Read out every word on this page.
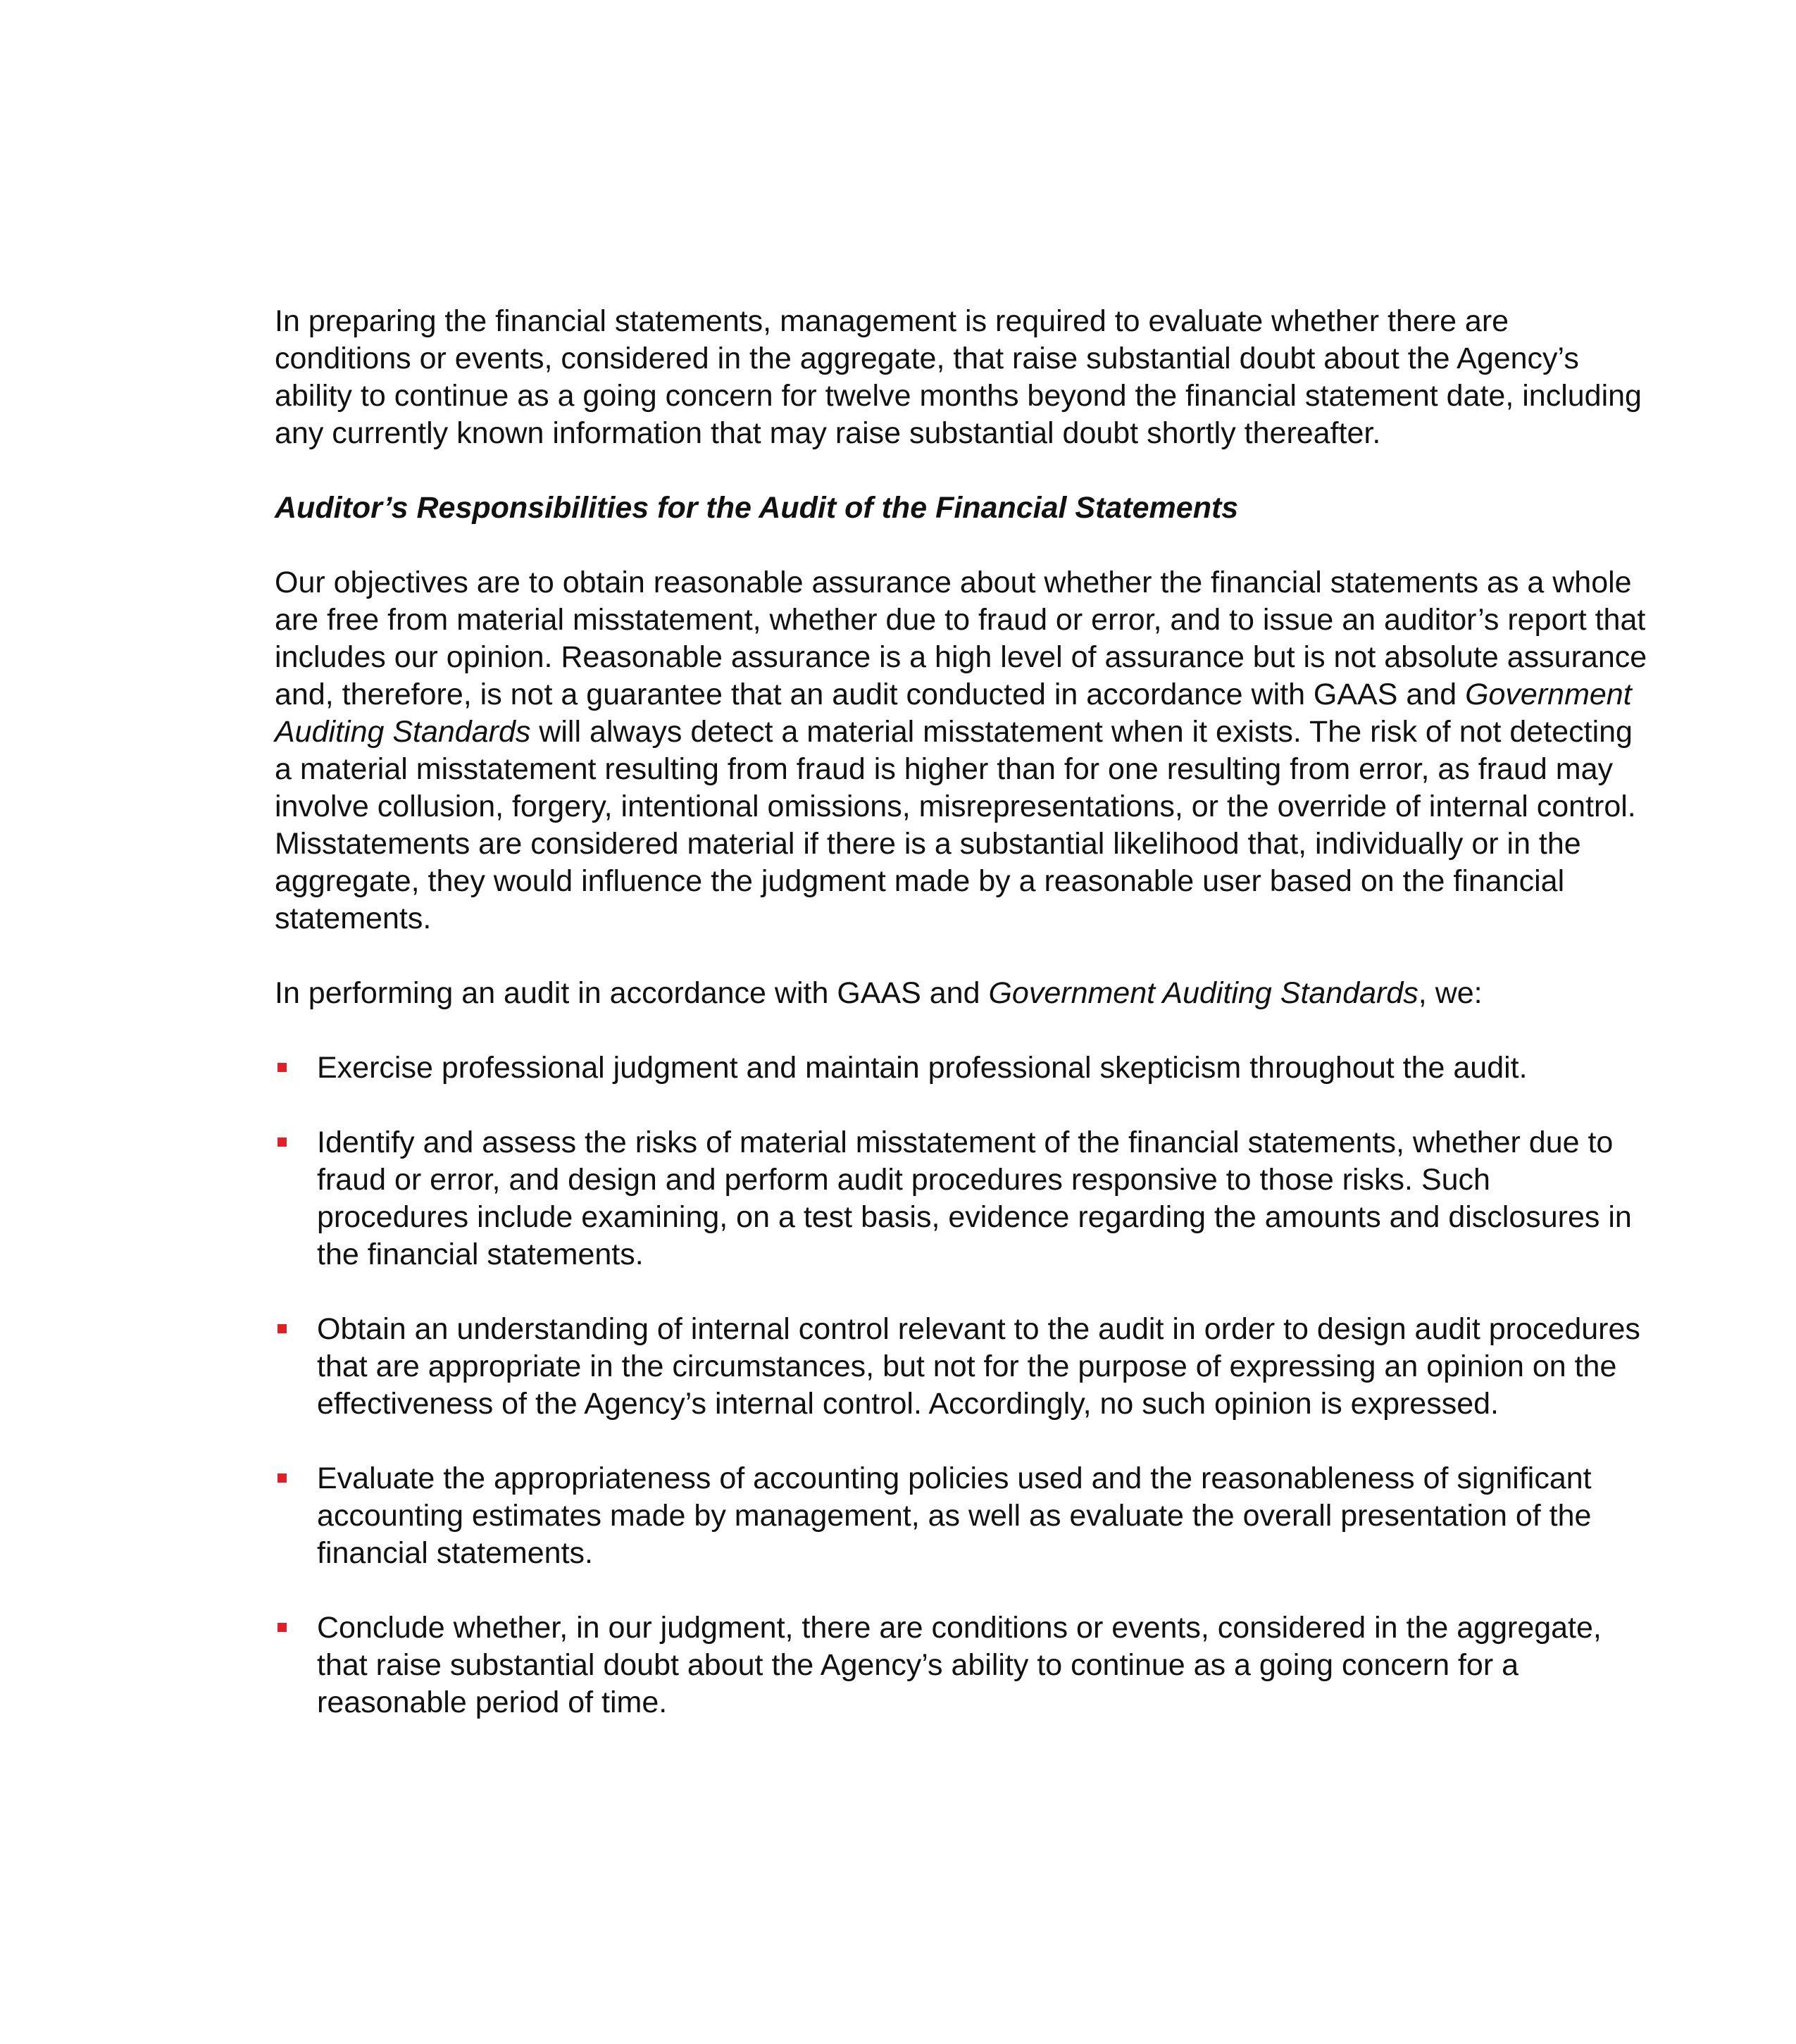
In preparing the financial statements, management is required to evaluate whether there are conditions or events, considered in the aggregate, that raise substantial doubt about the Agency’s ability to continue as a going concern for twelve months beyond the financial statement date, including any currently known information that may raise substantial doubt shortly thereafter.

Auditor’s Responsibilities for the Audit of the Financial Statements

Our objectives are to obtain reasonable assurance about whether the financial statements as a whole are free from material misstatement, whether due to fraud or error, and to issue an auditor’s report that includes our opinion. Reasonable assurance is a high level of assurance but is not absolute assurance and, therefore, is not a guarantee that an audit conducted in accordance with GAAS and Government Auditing Standards will always detect a material misstatement when it exists. The risk of not detecting a material misstatement resulting from fraud is higher than for one resulting from error, as fraud may involve collusion, forgery, intentional omissions, misrepresentations, or the override of internal control. Misstatements are considered material if there is a substantial likelihood that, individually or in the aggregate, they would influence the judgment made by a reasonable user based on the financial statements.

In performing an audit in accordance with GAAS and Government Auditing Standards, we:

Exercise professional judgment and maintain professional skepticism throughout the audit.
Identify and assess the risks of material misstatement of the financial statements, whether due to fraud or error, and design and perform audit procedures responsive to those risks. Such procedures include examining, on a test basis, evidence regarding the amounts and disclosures in the financial statements.
Obtain an understanding of internal control relevant to the audit in order to design audit procedures that are appropriate in the circumstances, but not for the purpose of expressing an opinion on the effectiveness of the Agency’s internal control. Accordingly, no such opinion is expressed.
Evaluate the appropriateness of accounting policies used and the reasonableness of significant accounting estimates made by management, as well as evaluate the overall presentation of the financial statements.
Conclude whether, in our judgment, there are conditions or events, considered in the aggregate, that raise substantial doubt about the Agency’s ability to continue as a going concern for a reasonable period of time.
